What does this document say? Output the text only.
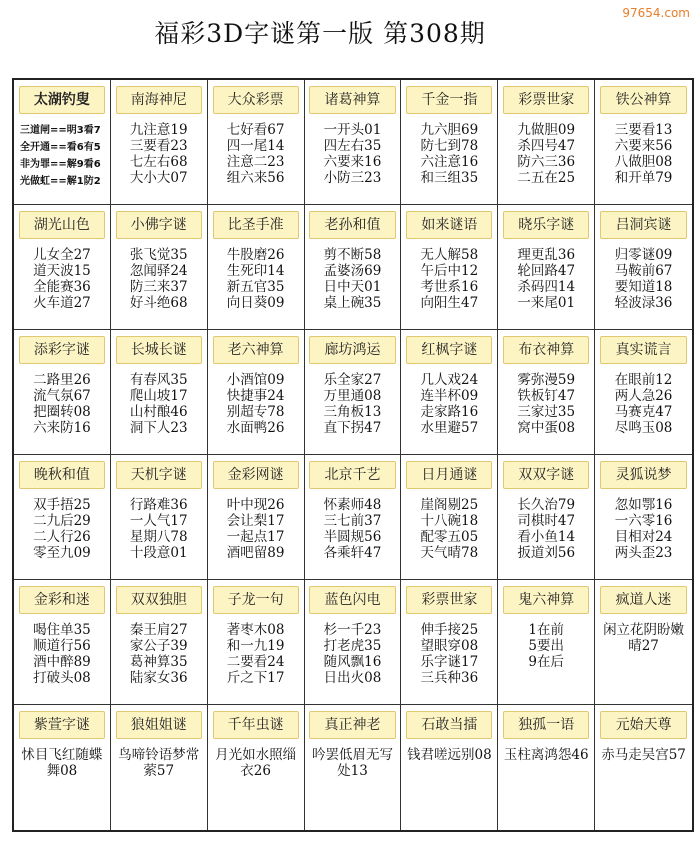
97654.com
福彩3D字谜第一版 第308期
太湖钓叟
三道闸==明3看7
全开通==看6有5
非为罪==解9看6
光做虹==解1防2
南海神尼
九注意19
三要看23
七左右68
大小大07
大众彩票
七好看67
四一尾14
注意二23
组六来56
诸葛神算
一开头01
四左右35
六要来16
小防三23
千金一指
九六胆69
防七到78
六注意16
和三组35
彩票世家
九做胆09
杀四号47
防六三36
二五在25
铁公神算
三要看13
六要来56
八做胆08
和开单79
湖光山色
儿女全27
道天波15
全能赛36
火车道27
小佛字谜
张飞觉35
忽闻驿24
防三来37
好斗绝68
比圣手准
牛股磨26
生死印14
新五官35
向日葵09
老孙和值
剪不断58
孟婆汤69
日中天01
桌上碗35
如来谜语
无人解58
午后中12
考世系16
向阳生47
晓乐字谜
理更乱36
轮回路47
杀码四14
一来尾01
吕洞宾谜
归零谜09
马鞍前67
要知道18
轻波渌36
添彩字谜
二路里26
流气氛67
把圈转08
六来防16
长城长谜
有春风35
爬山坡17
山村酿46
洞下人23
老六神算
小酒馆09
快捷事24
别超专78
水面鸭26
廊坊鸿运
乐全家27
万里通08
三角板13
直下拐47
红枫字谜
几人戏24
连半杯09
走家路16
水里避57
布衣神算
雾弥漫59
铁板钉47
三家过35
窝中蛋08
真实谎言
在眼前12
两人急26
马赛克47
尽鸣玉08
晚秋和值
双手捂25
二九后29
二人行26
零至九09
天机字谜
行路难36
一人气17
星期八78
十段意01
金彩网谜
叶中现26
会让梨17
一起点17
酒吧留89
北京千艺
怀素师48
三七前37
半圆规56
各乘轩47
日月通谜
崖阁剔25
十八碗18
配零五05
天气晴78
双双字谜
长久治79
司棋时47
看小鱼14
扳道刘56
灵狐说梦
忽如鄂16
一六零16
目相对24
两头歪23
金彩和迷
喝住单35
顺道行56
酒中醉89
打破头08
双双独胆
秦王肩27
家公子39
葛神算35
陆家女36
子龙一句
著枣木08
和一九19
二要看24
斤之下17
蓝色闪电
杉一千23
打老虎35
随风飘16
日出火08
彩票世家
伸手接25
望眼穿08
乐字谜17
三兵种36
鬼六神算
1在前
5要出
9在后
疯道人迷
闲立花阴盼嫩晴27
紫萱字谜
怵目飞红随蝶舞08
狼姐姐谜
鸟啼铃语梦常萦57
千年虫谜
月光如水照缁衣26
真正神老
吟罢低眉无写处13
石敢当擂
钱君嗟远别08
独孤一语
玉柱离鸿怨46
元始天尊
赤马走吴宫57
